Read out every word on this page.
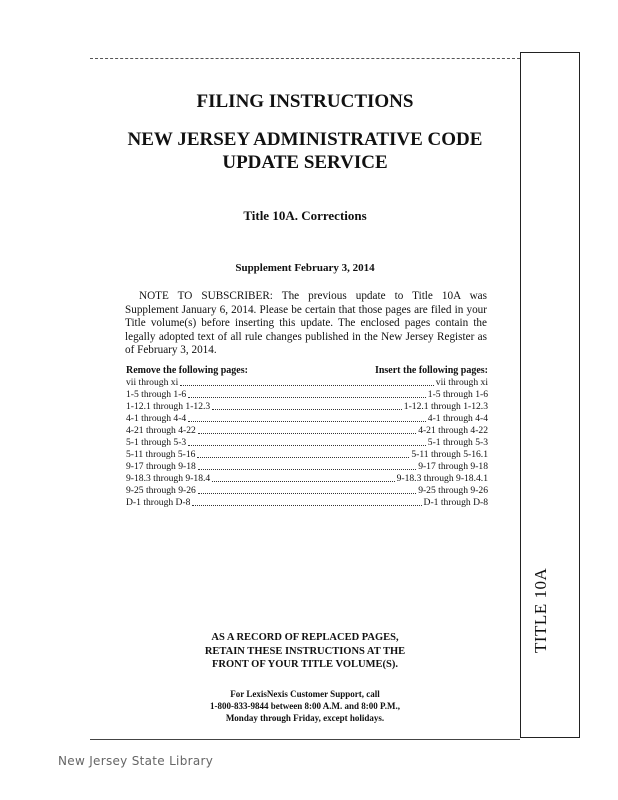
FILING INSTRUCTIONS
NEW JERSEY ADMINISTRATIVE CODE
UPDATE SERVICE
Title 10A. Corrections
Supplement February 3, 2014

NOTE TO SUBSCRIBER: The previous update to Title 10A was Supplement January 6, 2014. Please be certain that those pages are filed in your Title volume(s) before inserting this update. The enclosed pages contain the legally adopted text of all rule changes published in the New Jersey Register as of February 3, 2014.

Remove the following pages:	Insert the following pages:
vii through xi	vii through xi
1-5 through 1-6	1-5 through 1-6
1-12.1 through 1-12.3	1-12.1 through 1-12.3
4-1 through 4-4	4-1 through 4-4
4-21 through 4-22	4-21 through 4-22
5-1 through 5-3	5-1 through 5-3
5-11 through 5-16	5-11 through 5-16.1
9-17 through 9-18	9-17 through 9-18
9-18.3 through 9-18.4	9-18.3 through 9-18.4.1
9-25 through 9-26	9-25 through 9-26
D-1 through D-8	D-1 through D-8
AS A RECORD OF REPLACED PAGES,
RETAIN THESE INSTRUCTIONS AT THE
FRONT OF YOUR TITLE VOLUME(S).
For LexisNexis Customer Support, call
1-800-833-9844 between 8:00 A.M. and 8:00 P.M.,
Monday through Friday, except holidays.
TITLE 10A
New Jersey State Library
